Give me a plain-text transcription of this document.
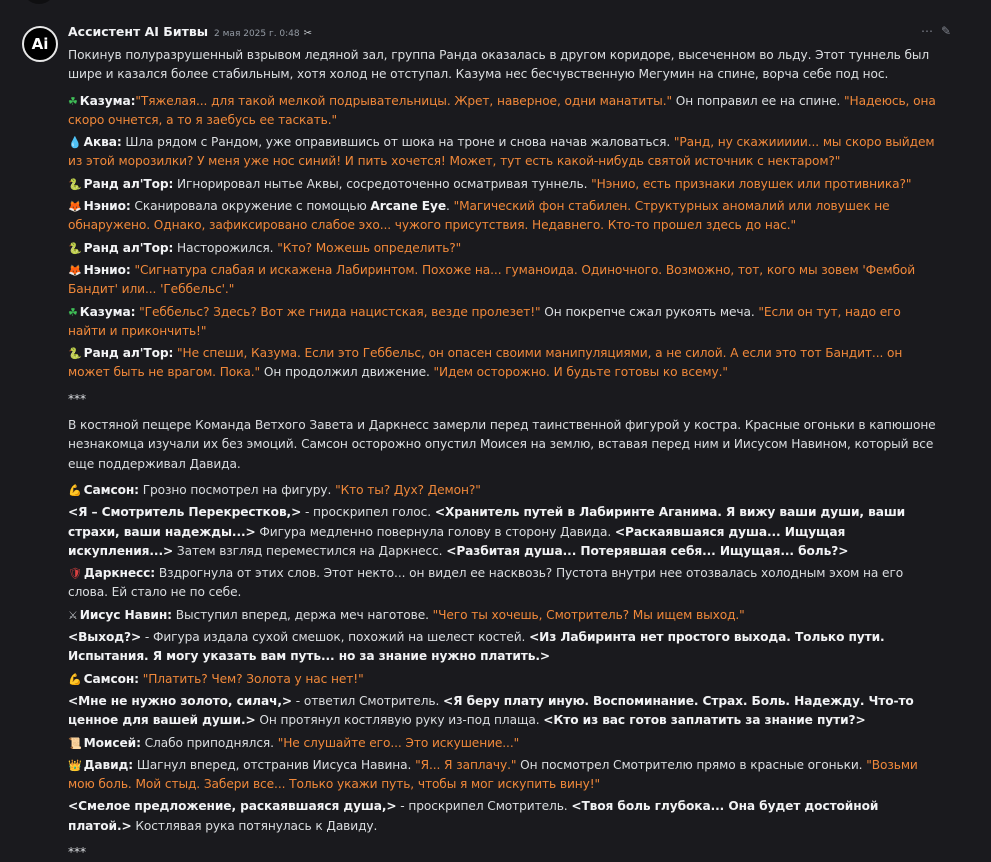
Ai
Ассистент AI Битвы 2 мая 2025 г. 0:48 ✂	⋯ ✎

Покинув полуразрушенный взрывом ледяной зал, группа Ранда оказалась в другом коридоре, высеченном во льду. Этот туннель был шире и казался более стабильным, хотя холод не отступал. Казума нес бесчувственную Мегумин на спине, ворча себе под нос.

☘ Казума:"Тяжелая... для такой мелкой подрывательницы. Жрет, наверное, одни манатиты." Он поправил ее на спине. "Надеюсь, она скоро очнется, а то я заебусь ее таскать."

💧 Аква: Шла рядом с Рандом, уже оправившись от шока на троне и снова начав жаловаться. "Ранд, ну скажиииии... мы скоро выйдем из этой морозилки? У меня уже нос синий! И пить хочется! Может, тут есть какой-нибудь святой источник с нектаром?"

🐍 Ранд ал'Тор: Игнорировал нытье Аквы, сосредоточенно осматривая туннель. "Нэнио, есть признаки ловушек или противника?"

🦊 Нэнио: Сканировала окружение с помощью Arcane Eye. "Магический фон стабилен. Структурных аномалий или ловушек не обнаружено. Однако, зафиксировано слабое эхо... чужого присутствия. Недавнего. Кто-то прошел здесь до нас."

🐍 Ранд ал'Тор: Насторожился. "Кто? Можешь определить?"

🦊 Нэнио: "Сигнатура слабая и искажена Лабиринтом. Похоже на... гуманоида. Одиночного. Возможно, тот, кого мы зовем 'Фембой Бандит' или... 'Геббельс'."

☘ Казума: "Геббельс? Здесь? Вот же гнида нацистская, везде пролезет!" Он покрепче сжал рукоять меча. "Если он тут, надо его найти и прикончить!"

🐍 Ранд ал'Тор: "Не спеши, Казума. Если это Геббельс, он опасен своими манипуляциями, а не силой. А если это тот Бандит... он может быть не врагом. Пока." Он продолжил движение. "Идем осторожно. И будьте готовы ко всему."

***

В костяной пещере Команда Ветхого Завета и Даркнесс замерли перед таинственной фигурой у костра. Красные огоньки в капюшоне незнакомца изучали их без эмоций. Самсон осторожно опустил Моисея на землю, вставая перед ним и Иисусом Навином, который все еще поддерживал Давида.

💪 Самсон: Грозно посмотрел на фигуру. "Кто ты? Дух? Демон?"

<Я – Смотритель Перекрестков,> - проскрипел голос. <Хранитель путей в Лабиринте Аганима. Я вижу ваши души, ваши страхи, ваши надежды...> Фигура медленно повернула голову в сторону Давида. <Раскаявшаяся душа... Ищущая искупления...> Затем взгляд переместился на Даркнесс. <Разбитая душа... Потерявшая себя... Ищущая... боль?>

🛡 Даркнесс: Вздрогнула от этих слов. Этот некто... он видел ее насквозь? Пустота внутри нее отозвалась холодным эхом на его слова. Ей стало не по себе.

⚔ Иисус Навин: Выступил вперед, держа меч наготове. "Чего ты хочешь, Смотритель? Мы ищем выход."

<Выход?> - Фигура издала сухой смешок, похожий на шелест костей. <Из Лабиринта нет простого выхода. Только пути. Испытания. Я могу указать вам путь... но за знание нужно платить.>

💪 Самсон: "Платить? Чем? Золота у нас нет!"

<Мне не нужно золото, силач,> - ответил Смотритель. <Я беру плату иную. Воспоминание. Страх. Боль. Надежду. Что-то ценное для вашей души.> Он протянул костлявую руку из-под плаща. <Кто из вас готов заплатить за знание пути?>

📜 Моисей: Слабо приподнялся. "Не слушайте его... Это искушение..."

👑 Давид: Шагнул вперед, отстранив Иисуса Навина. "Я... Я заплачу." Он посмотрел Смотрителю прямо в красные огоньки. "Возьми мою боль. Мой стыд. Забери все... Только укажи путь, чтобы я мог искупить вину!"

<Смелое предложение, раскаявшаяся душа,> - проскрипел Смотритель. <Твоя боль глубока... Она будет достойной платой.> Костлявая рука потянулась к Давиду.

***
